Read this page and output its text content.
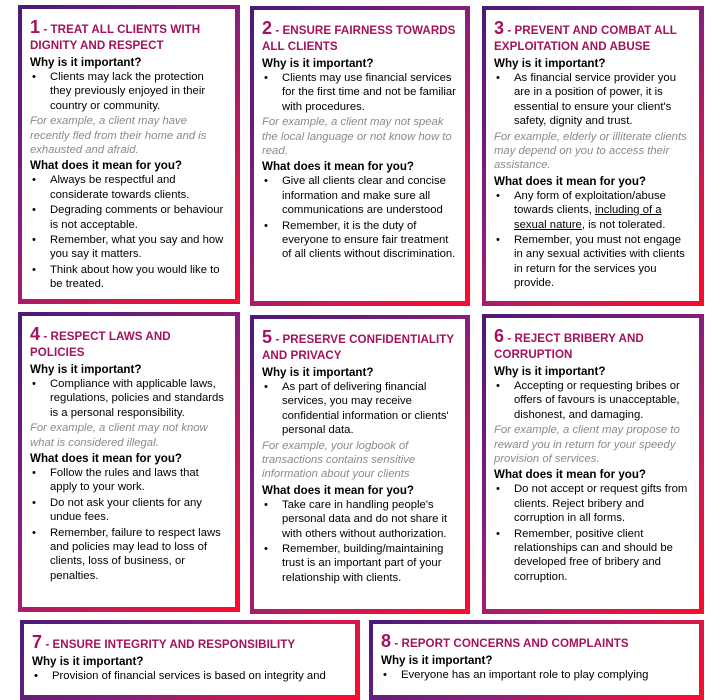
1 - TREAT ALL CLIENTS WITH DIGNITY AND RESPECT
Why is it important?
• Clients may lack the protection they previously enjoyed in their country or community.
For example, a client may have recently fled from their home and is exhausted and afraid.
What does it mean for you?
• Always be respectful and considerate towards clients.
• Degrading comments or behaviour is not acceptable.
• Remember, what you say and how you say it matters.
• Think about how you would like to be treated.
2 - ENSURE FAIRNESS TOWARDS ALL CLIENTS
Why is it important?
• Clients may use financial services for the first time and not be familiar with procedures.
For example, a client may not speak the local language or not know how to read.
What does it mean for you?
• Give all clients clear and concise information and make sure all communications are understood
• Remember, it is the duty of everyone to ensure fair treatment of all clients without discrimination.
3 - PREVENT AND COMBAT ALL EXPLOITATION AND ABUSE
Why is it important?
• As financial service provider you are in a position of power, it is essential to ensure your client's safety, dignity and trust.
For example, elderly or illiterate clients may depend on you to access their assistance.
What does it mean for you?
• Any form of exploitation/abuse towards clients, including of a sexual nature, is not tolerated.
• Remember, you must not engage in any sexual activities with clients in return for the services you provide.
4 - RESPECT LAWS AND POLICIES
Why is it important?
• Compliance with applicable laws, regulations, policies and standards is a personal responsibility.
For example, a client may not know what is considered illegal.
What does it mean for you?
• Follow the rules and laws that apply to your work.
• Do not ask your clients for any undue fees.
• Remember, failure to respect laws and policies may lead to loss of clients, loss of business, or penalties.
5 - PRESERVE CONFIDENTIALITY AND PRIVACY
Why is it important?
• As part of delivering financial services, you may receive confidential information or clients' personal data.
For example, your logbook of transactions contains sensitive information about your clients
What does it mean for you?
• Take care in handling people's personal data and do not share it with others without authorization.
• Remember, building/maintaining trust is an important part of your relationship with clients.
6 - REJECT BRIBERY AND CORRUPTION
Why is it important?
• Accepting or requesting bribes or offers of favours is unacceptable, dishonest, and damaging.
For example, a client may propose to reward you in return for your speedy provision of services.
What does it mean for you?
• Do not accept or request gifts from clients. Reject bribery and corruption in all forms.
• Remember, positive client relationships can and should be developed free of bribery and corruption.
7 - ENSURE INTEGRITY AND RESPONSIBILITY
Why is it important?
• Provision of financial services is based on integrity and
8 - REPORT CONCERNS AND COMPLAINTS
Why is it important?
• Everyone has an important role to play complying
